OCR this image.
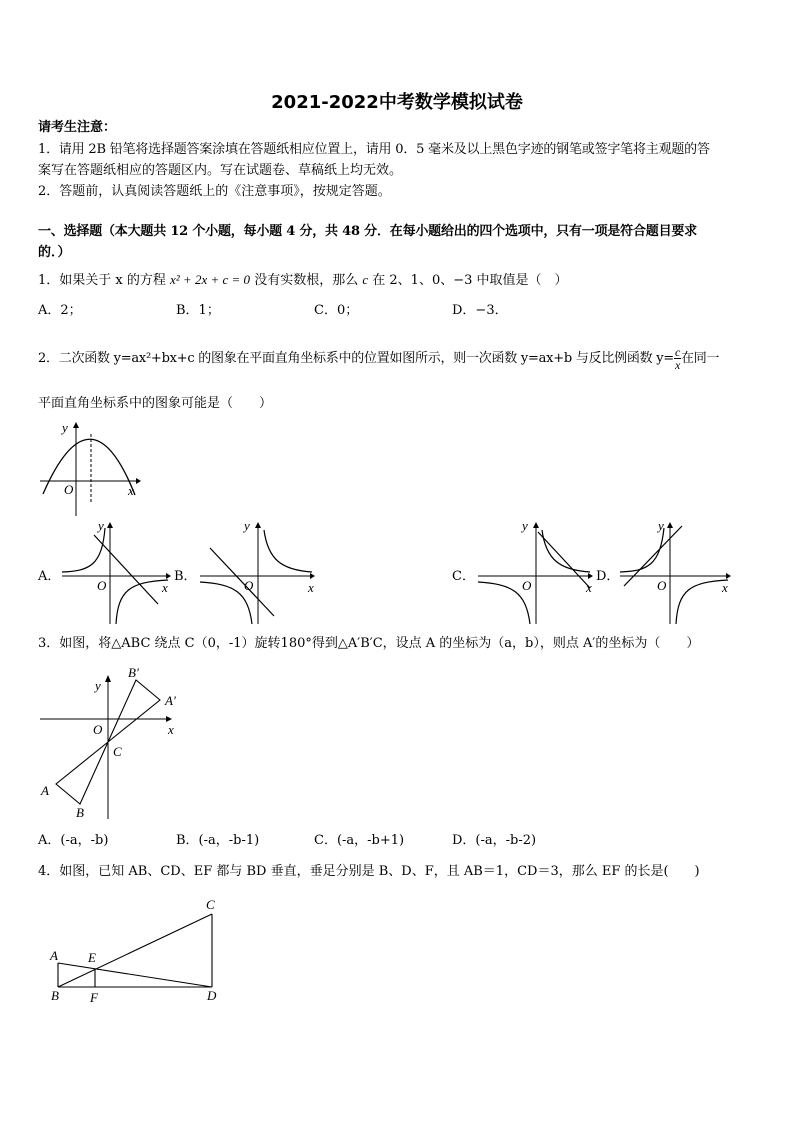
2021-2022中考数学模拟试卷
请考生注意：
1．请用 2B 铅笔将选择题答案涂填在答题纸相应位置上，请用 0．5 毫米及以上黑色字迹的钢笔或签字笔将主观题的答
案写在答题纸相应的答题区内。写在试题卷、草稿纸上均无效。
2．答题前，认真阅读答题纸上的《注意事项》，按规定答题。
一、选择题（本大题共 12 个小题，每小题 4 分，共 48 分．在每小题给出的四个选项中，只有一项是符合题目要求
的．）
1．如果关于 x 的方程 x² + 2x + c = 0 没有实数根，那么 c 在 2、1、0、−3 中取值是（　）
A．2；	B．1；	C．0；	D．−3．
2．二次函数 y=ax²+bx+c 的图象在平面直角坐标系中的位置如图所示，则一次函数 y=ax+b 与反比例函数 $y= \frac{c}{x}$ 在同一
平面直角坐标系中的图象可能是（　　）
y
O	x
A．
y
O	x
B．
y
O	x
C．
y
O	x
D．
y
O	x
3．如图，将△ABC 绕点 C（0，-1）旋转180°得到△A′B′C，设点 A 的坐标为（a，b），则点 A′的坐标为（　　）
y
x
O
C
A
B
B'
A'
A．(-a，-b)	B．(-a，-b-1)	C．(-a，-b+1)	D．(-a，-b-2)
4．如图，已知 AB、CD、EF 都与 BD 垂直，垂足分别是 B、D、F，且 AB＝1，CD＝3，那么 EF 的长是(　　)
A
B
C
D
E
F
